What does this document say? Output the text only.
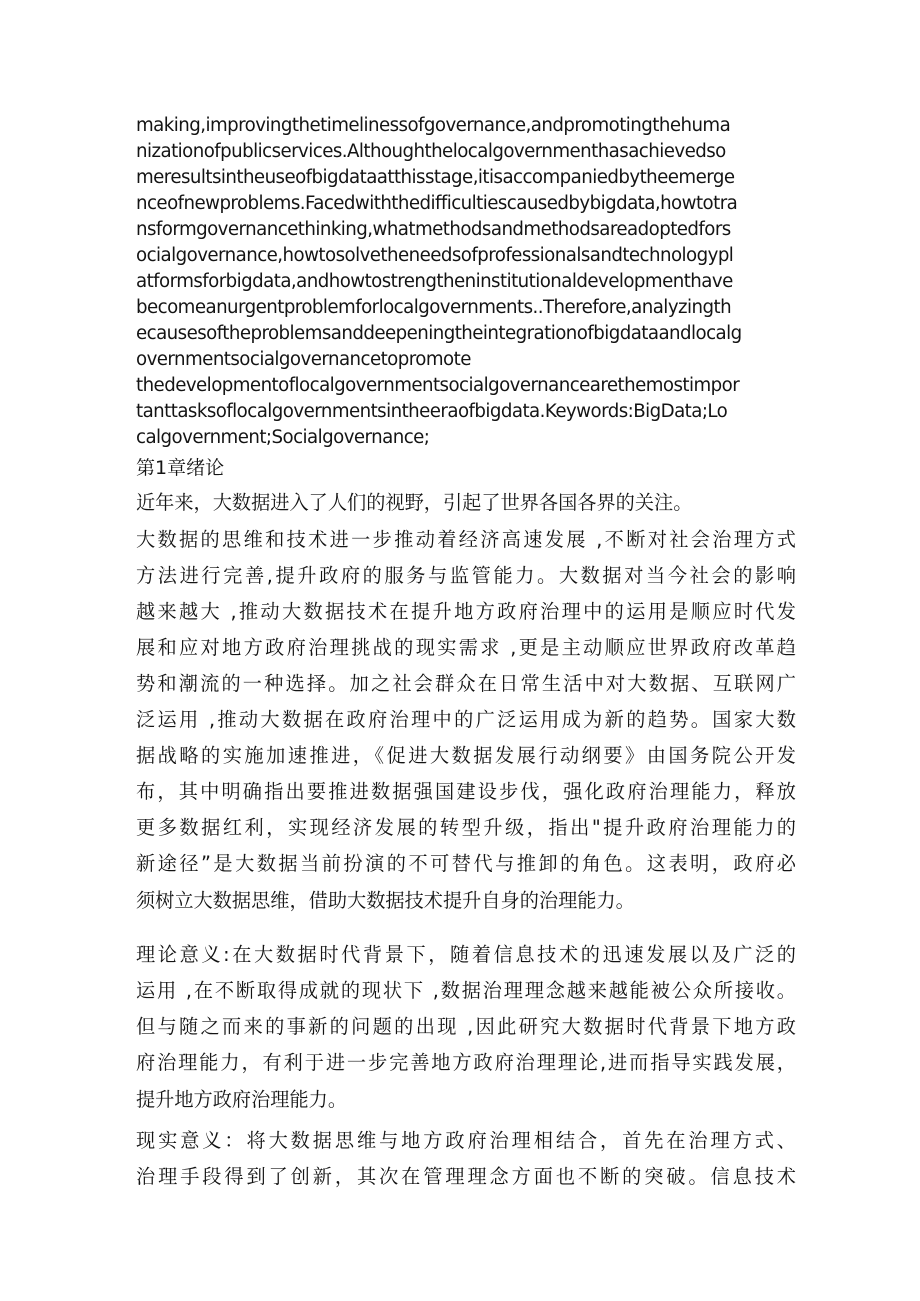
making,improvingthetimelinessofgovernance,andpromotingthehuma
nizationofpublicservices.Althoughthelocalgovernmenthasachievedso
meresultsintheuseofbigdataatthisstage,itisaccompaniedbytheemerge
nceofnewproblems.Facedwiththedifficultiescausedbybigdata,howtotra
nsformgovernancethinking,whatmethodsandmethodsareadoptedfors
ocialgovernance,howtosolvetheneedsofprofessionalsandtechnologypl
atformsforbigdata,andhowtostrengtheninstitutionaldevelopmenthave
becomeanurgentproblemforlocalgovernments..Therefore,analyzingth
ecausesoftheproblemsanddeepeningtheintegrationofbigdataandlocalg
overnmentsocialgovernancetopromote
thedevelopmentoflocalgovernmentsocialgovernancearethemostimpor
tanttasksoflocalgovernmentsintheeraofbigdata.Keywords:BigData;Lo
calgovernment;Socialgovernance;
第1章绪论
近年来，大数据进入了人们的视野，引起了世界各国各界的关注。
大数据的思维和技术进一步推动着经济高速发展 ,不断对社会治理方式
方法进行完善,提升政府的服务与监管能力。大数据对当今社会的影响
越来越大 ,推动大数据技术在提升地方政府治理中的运用是顺应时代发
展和应对地方政府治理挑战的现实需求 ,更是主动顺应世界政府改革趋
势和潮流的一种选择。加之社会群众在日常生活中对大数据、互联网广
泛运用 ,推动大数据在政府治理中的广泛运用成为新的趋势。国家大数
据战略的实施加速推进，《促进大数据发展行动纲要》由国务院公开发
布，其中明确指出要推进数据强国建设步伐，强化政府治理能力，释放
更多数据红利，实现经济发展的转型升级，指出"提升政府治理能力的
新途径”是大数据当前扮演的不可替代与推卸的角色。这表明，政府必
须树立大数据思维，借助大数据技术提升自身的治理能力。
理论意义:在大数据时代背景下，随着信息技术的迅速发展以及广泛的
运用 ,在不断取得成就的现状下 ,数据治理理念越来越能被公众所接收。
但与随之而来的事新的问题的出现 ,因此研究大数据时代背景下地方政
府治理能力，有利于进一步完善地方政府治理理论,进而指导实践发展，
提升地方政府治理能力。
现实意义：将大数据思维与地方政府治理相结合，首先在治理方式、
治理手段得到了创新，其次在管理理念方面也不断的突破。信息技术
